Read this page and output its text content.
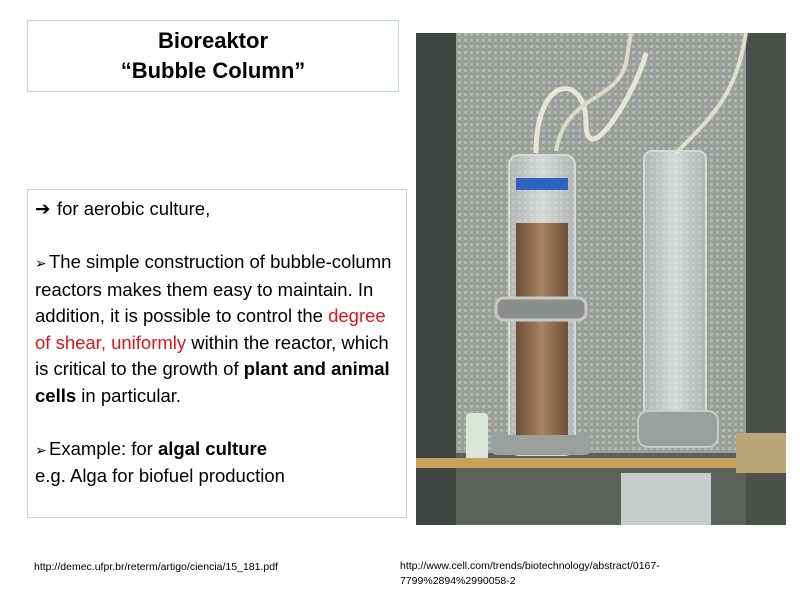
Bioreaktor
“Bubble Column”

➔ for aerobic culture,

➢ The simple construction of bubble-column reactors makes them easy to maintain. In addition, it is possible to control the degree of shear, uniformly within the reactor, which is critical to the growth of plant and animal cells in particular.

➢ Example: for algal culture

e.g. Alga for biofuel production

http://demec.ufpr.br/reterm/artigo/ciencia/15_181.pdf	http://www.cell.com/trends/biotechnology/abstract/0167-7799%2894%2990058-2
